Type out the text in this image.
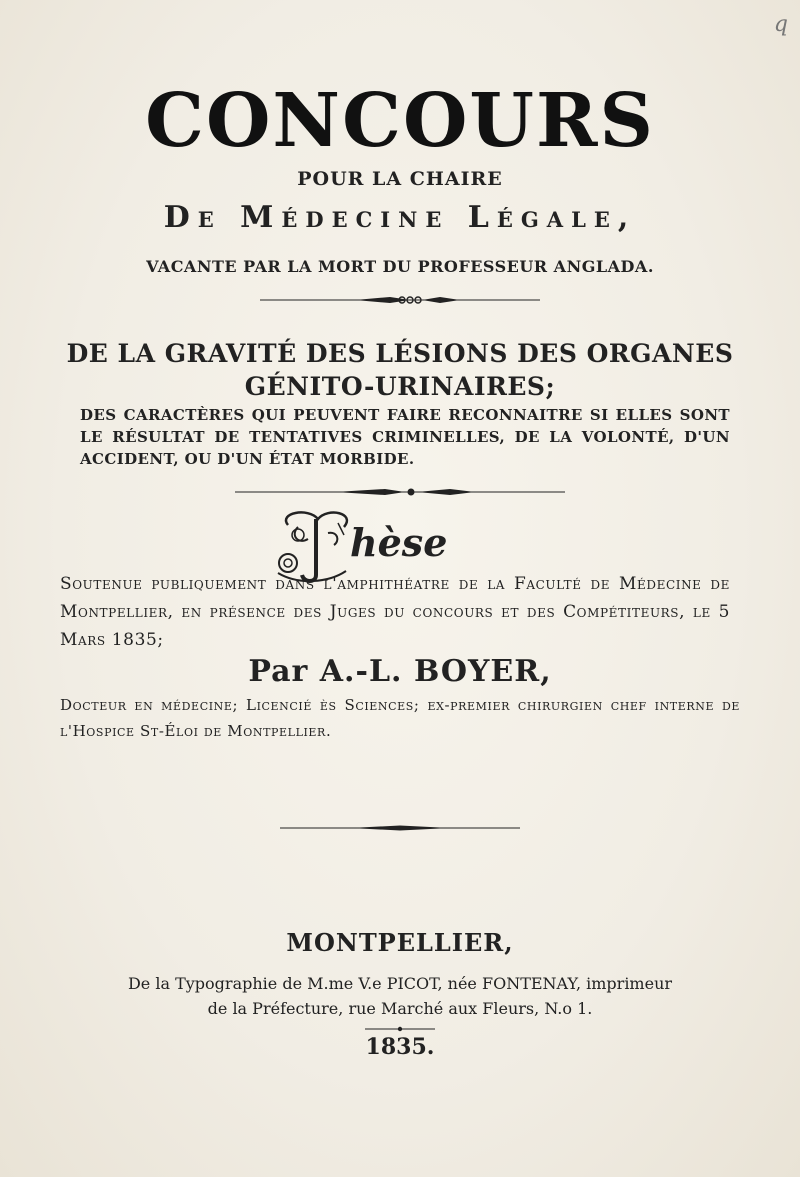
q
CONCOURS
POUR LA CHAIRE
De Médecine Légale,
VACANTE PAR LA MORT DU PROFESSEUR ANGLADA.
DE LA GRAVITÉ DES LÉSIONS DES ORGANES
GÉNITO-URINAIRES;
DES CARACTÈRES QUI PEUVENT FAIRE RECONNAITRE SI ELLES SONT LE RÉSULTAT DE TENTATIVES CRIMINELLES, DE LA VOLONTÉ, D'UN ACCIDENT, OU D'UN ÉTAT MORBIDE.
hèse
Soutenue publiquement dans l'amphithéatre de la Faculté de Médecine de Montpellier, en présence des Juges du concours et des Compétiteurs, le 5 Mars 1835;
Par A.-L. BOYER,
Docteur en médecine; Licencié ès Sciences; ex-premier chirurgien chef interne de l'Hospice St-Éloi de Montpellier.
MONTPELLIER,
De la Typographie de M.me V.e PICOT, née FONTENAY, imprimeur
de la Préfecture, rue Marché aux Fleurs, N.o 1.
1835.
